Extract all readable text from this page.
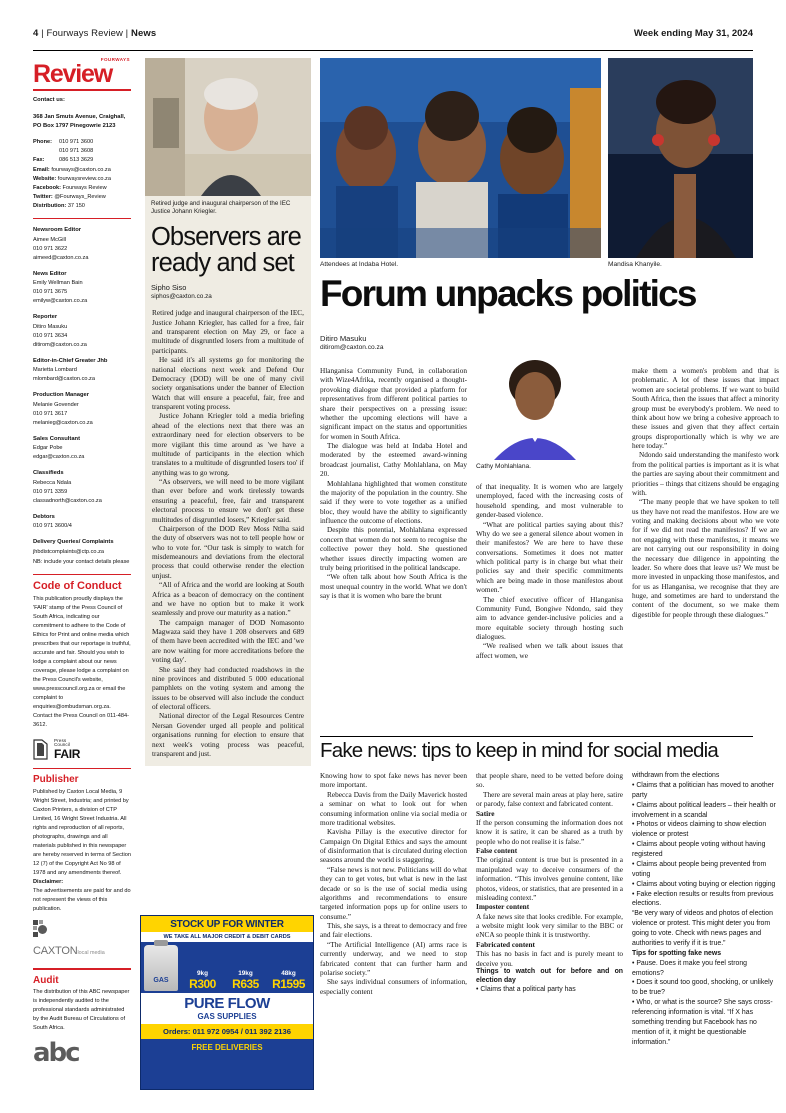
4 | Fourways Review | News	Week ending May 31, 2024
FOURWAYS
Review
Contact us:
368 Jan Smuts Avenue, Craighall, PO Box 1797 Pinegowrie 2123
Phone:	010 971 3600
010 971 3608
Fax:	086 513 3629
Email: fourways@caxton.co.za
Website: fourwaysreview.co.za
Facebook: Fourways Review
Twitter: @Fourways_Review
Distribution: 37 150
Newsroom Editor
Aimee McGill
010 971 3622
aimeed@caxton.co.za
News Editor
Emily Wellman Bain
010 971 3675
emilyw@caxton.co.za
Reporter
Ditiro Masuku
010 971 3634
ditirom@caxton.co.za
Editor-in-Chief Greater Jhb
Marietta Lombard
mlombard@caxton.co.za
Production Manager
Melanie Govender
010 971 3617
melanieg@caxton.co.za
Sales Consultant
Edgar Pobe
edgar@caxton.co.za
Classifieds
Rebecca Ndala
010 971 3359
classadnorth@caxton.co.za
Debtors
010 971 3600/4
Delivery Queries/ Complaints
jhbdistcomplaints@ctp.co.za
NB: include your contact details please
Code of Conduct
This publication proudly displays the 'FAIR' stamp of the Press Council of South Africa, indicating our commitment to adhere to the Code of Ethics for Print and online media which prescribes that our reportage is truthful, accurate and fair. Should you wish to lodge a complaint about our news coverage, please lodge a complaint on the Press Council's website, www.presscouncil.org.za or email the complaint to enquiries@ombudsman.org.za. Contact the Press Council on 011-484-3612.
Press
Council
FAIR
Publisher
Published by Caxton Local Media, 9 Wright Street, Industria; and printed by Caxton Printers, a division of CTP Limited, 16 Wright Street Industria. All rights and reproduction of all reports, photographs, drawings and all materials published in this newspaper are hereby reserved in terms of Section 12 (7) of the Copyright Act No 98 of 1978 and any amendments thereof.
Disclaimer:
The advertisements are paid for and do not represent the views of this publication.
CAXTONlocal media
Audit
The distribution of this ABC newspaper is independently audited to the professional standards administrated by the Audit Bureau of Circulations of South Africa.
abc
Retired judge and inaugural chairperson of the IEC Justice Johann Kriegler.
Observers are ready and set
Sipho Siso
siphos@caxton.co.za

Retired judge and inaugural chairperson of the IEC, Justice Johann Kriegler, has called for a free, fair and transparent election on May 29, or face a multitude of disgruntled losers from a multitude of participants.

He said it's all systems go for monitoring the national elections next week and Defend Our Democracy (DOD) will be one of many civil society organisations under the banner of Election Watch that will ensure a peaceful, fair, free and transparent voting process.

Justice Johann Kriegler told a media briefing ahead of the elections next that there was an extraordinary need for election observers to be more vigilant this time around as 'we have a multitude of participants in the election which translates to a multitude of disgruntled losers too' if anything was to go wrong.

“As observers, we will need to be more vigilant than ever before and work tirelessly towards ensuring a peaceful, free, fair and transparent electoral process to ensure we don't get these multitudes of disgruntled losers,” Kriegler said.

Chairperson of the DOD Rev Moss Ntlha said the duty of observers was not to tell people how or who to vote for. “Our task is simply to watch for misdemeanours and deviations from the electoral process that could otherwise render the election unjust.

“All of Africa and the world are looking at South Africa as a beacon of democracy on the continent and we have no option but to make it work seamlessly and prove our maturity as a nation.”

The campaign manager of DOD Nomasonto Magwaza said they have 1 208 observers and 689 of them have been accredited with the IEC and 'we are now waiting for more accreditations before the voting day'.

She said they had conducted roadshows in the nine provinces and distributed 5 000 educational pamphlets on the voting system and among the issues to be observed will also include the conduct of electoral officers.

National director of the Legal Resources Centre Nersan Govender urged all people and political organisations running for election to ensure that next week's voting process was peaceful, transparent and just.

Attendees at Indaba Hotel.	Mandisa Khanyile.
Forum unpacks politics
Ditiro Masuku
ditirom@caxton.co.za
Cathy Mohlahlana.

Hlanganisa Community Fund, in collaboration with Wize4Afrika, recently organised a thought-provoking dialogue that provided a platform for representatives from different political parties to share their perspectives on a pressing issue: whether the upcoming elections will have a significant impact on the status and opportunities for women in South Africa.

The dialogue was held at Indaba Hotel and moderated by the esteemed award-winning broadcast journalist, Cathy Mohlahlana, on May 20.

Mohlahlana highlighted that women constitute the majority of the population in the country. She said if they were to vote together as a unified bloc, they would have the ability to significantly influence the outcome of elections.

Despite this potential, Mohlahlana expressed concern that women do not seem to recognise the collective power they hold. She questioned whether issues directly impacting women are truly being prioritised in the political landscape.

“We often talk about how South Africa is the most unequal country in the world. What we don't say is that it is women who bare the brunt

of that inequality. It is women who are largely unemployed, faced with the increasing costs of household spending, and most vulnerable to gender-based violence.

“What are political parties saying about this? Why do we see a general silence about women in their manifestos? We are here to have these conversations. Sometimes it does not matter which political party is in charge but what their policies say and their specific commitments which are being made in those manifestos about women.”

The chief executive officer of Hlanganisa Community Fund, Bongiwe Ndondo, said they aim to advance gender-inclusive policies and a more equitable society through hosting such dialogues.

“We realised when we talk about issues that affect women, we

make them a women's problem and that is problematic. A lot of these issues that impact women are societal problems. If we want to build South Africa, then the issues that affect a minority group must be everybody's problem. We need to think about how we bring a cohesive approach to these issues and given that they affect certain groups disproportionally which is why we are here today.”

Ndondo said understanding the manifesto work from the political parties is important as it is what the parties are saying about their commitment and priorities – things that citizens should be engaging with.

“The many people that we have spoken to tell us they have not read the manifestos. How are we voting and making decisions about who we vote for if we did not read the manifestos? If we are not engaging with these manifestos, it means we are not carrying out our responsibility in doing the necessary due diligence in appointing the leader. So where does that leave us? We must be more invested in unpacking those manifestos, and for us as Hlanganisa, we recognise that they are huge, and sometimes are hard to understand the content of the document, so we make them digestible for people through these dialogues.”

Fake news: tips to keep in mind for social media

Knowing how to spot fake news has never been more important.

Rebecca Davis from the Daily Maverick hosted a seminar on what to look out for when consuming information online via social media or more traditional websites.

Kavisha Pillay is the executive director for Campaign On Digital Ethics and says the amount of disinformation that is circulated during election seasons around the world is staggering.

“False news is not new. Politicians will do what they can to get votes, but what is new in the last decade or so is the use of social media using algorithms and recommendations to ensure targeted information pops up for online users to consume.”

This, she says, is a threat to democracy and free and fair elections.

“The Artificial Intelligence (AI) arms race is currently underway, and we need to stop fabricated content that can further harm and polarise society.”

She says individual consumers of information, especially content

that people share, need to be vetted before doing so.

There are several main areas at play here, satire or parody, false context and fabricated content.

Satire

If the person consuming the information does not know it is satire, it can be shared as a truth by people who do not realise it is false.”

False content

The original content is true but is presented in a manipulated way to deceive consumers of the information. “This involves genuine content, like photos, videos, or statistics, that are presented in a misleading context.”

Imposter content

A fake news site that looks credible. For example, a website might look very similar to the BBC or eNCA so people think it is trustworthy.

Fabricated content

This has no basis in fact and is purely meant to deceive you.

Things to watch out for before and on election day

• Claims that a political party has

withdrawn from the elections

• Claims that a politician has moved to another party

• Claims about political leaders – their health or involvement in a scandal

• Photos or videos claiming to show election violence or protest

• Claims about people voting without having registered

• Claims about people being prevented from voting

• Claims about voting buying or election rigging

• Fake election results or results from previous elections.

“Be very wary of videos and photos of election violence or protest. This might deter you from going to vote. Check with news pages and authorities to verify if it is true.”

Tips for spotting fake news

• Pause. Does it make you feel strong emotions?

• Does it sound too good, shocking, or unlikely to be true?

• Who, or what is the source? She says cross-referencing information is vital. “If X has something trending but Facebook has no mention of it, it might be questionable information.”

STOCK UP FOR WINTER
WE TAKE ALL MAJOR CREDIT & DEBIT CARDS
GAS
9kg
R300
19kg
R635
48kg
R1595
PURE FLOW
GAS SUPPLIES
Orders: 011 972 0954 / 011 392 2136
FREE DELIVERIES
